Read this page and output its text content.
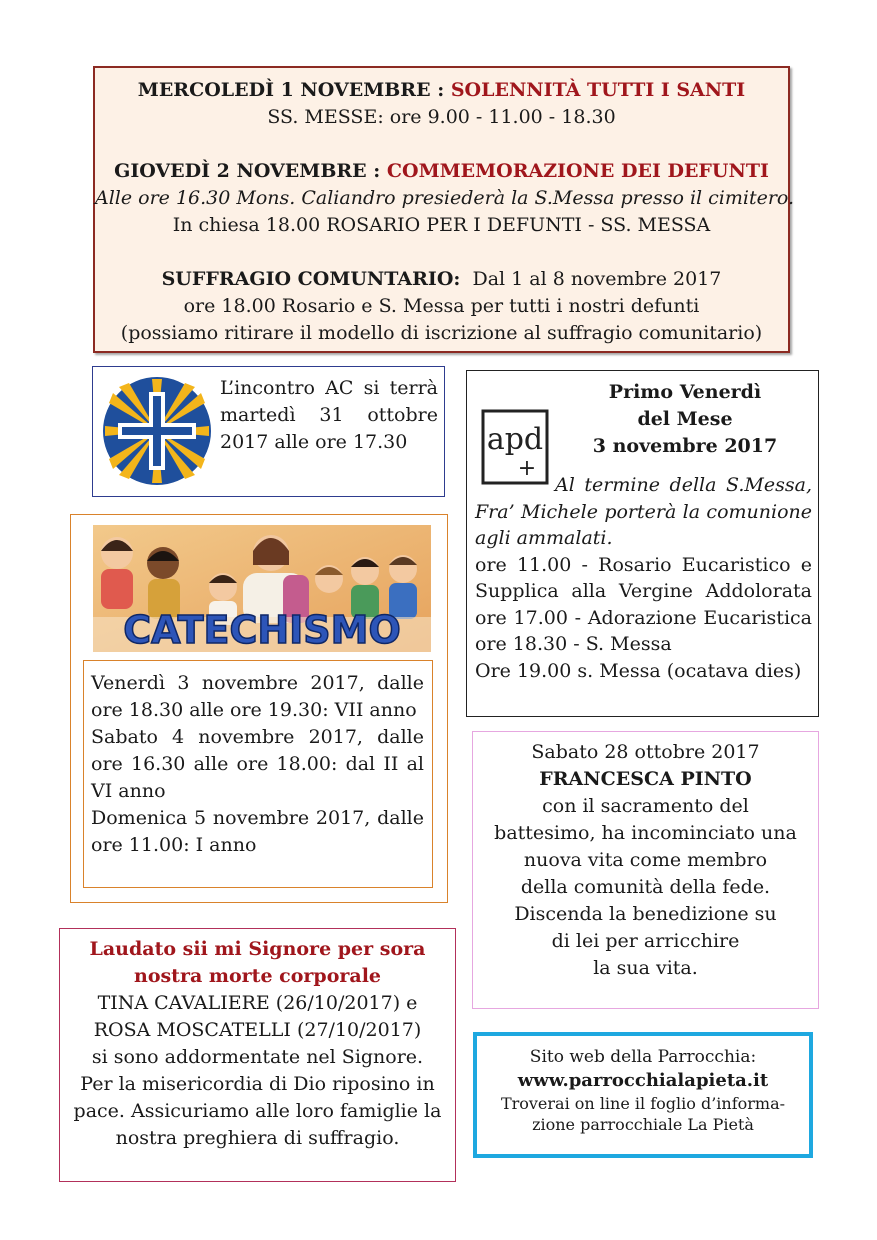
MERCOLEDÌ 1 NOVEMBRE : SOLENNITÀ TUTTI I SANTI
SS. MESSE: ore 9.00 - 11.00 - 18.30
GIOVEDÌ 2 NOVEMBRE : COMMEMORAZIONE DEI DEFUNTI
Alle ore 16.30 Mons. Caliandro presiederà la S.Messa presso il cimitero.
In chiesa 18.00 ROSARIO PER I DEFUNTI - SS. MESSA
SUFFRAGIO COMUNTARIO:  Dal 1 al 8 novembre 2017
ore 18.00 Rosario e S. Messa per tutti i nostri defunti
(possiamo ritirare il modello di iscrizione al suffragio comunitario)
L’incontro AC si terrà
martedì 31 ottobre
2017 alle ore 17.30	apd
+
Primo Venerdì
del Mese
3 novembre 2017
Al termine della S.Messa,
Fra’ Michele porterà la comunione
agli ammalati.
ore 11.00 - Rosario Eucaristico e
Supplica alla Vergine Addolorata
ore 17.00 - Adorazione Eucaristica
ore 18.30 - S. Messa
Ore 19.00 s. Messa (ocatava dies)
CATECHISMO
Venerdì 3 novembre 2017, dalle
ore 18.30 alle ore 19.30: VII anno
Sabato 4 novembre 2017, dalle
ore 16.30 alle ore 18.00: dal II al
VI anno
Domenica 5 novembre 2017, dalle
ore 11.00: I anno
Sabato 28 ottobre 2017
FRANCESCA PINTO
con il sacramento del
battesimo, ha incominciato una
nuova vita come membro
della comunità della fede.
Discenda la benedizione su
di lei per arricchire
la sua vita.
Laudato sii mi Signore per sora
nostra morte corporale
TINA CAVALIERE (26/10/2017) e
ROSA MOSCATELLI (27/10/2017)
si sono addormentate nel Signore.
Per la misericordia di Dio riposino in
pace. Assicuriamo alle loro famiglie la
nostra preghiera di suffragio.
Sito web della Parrocchia:
www.parrocchialapieta.it
Troverai on line il foglio d’informa-
zione parrocchiale La Pietà
